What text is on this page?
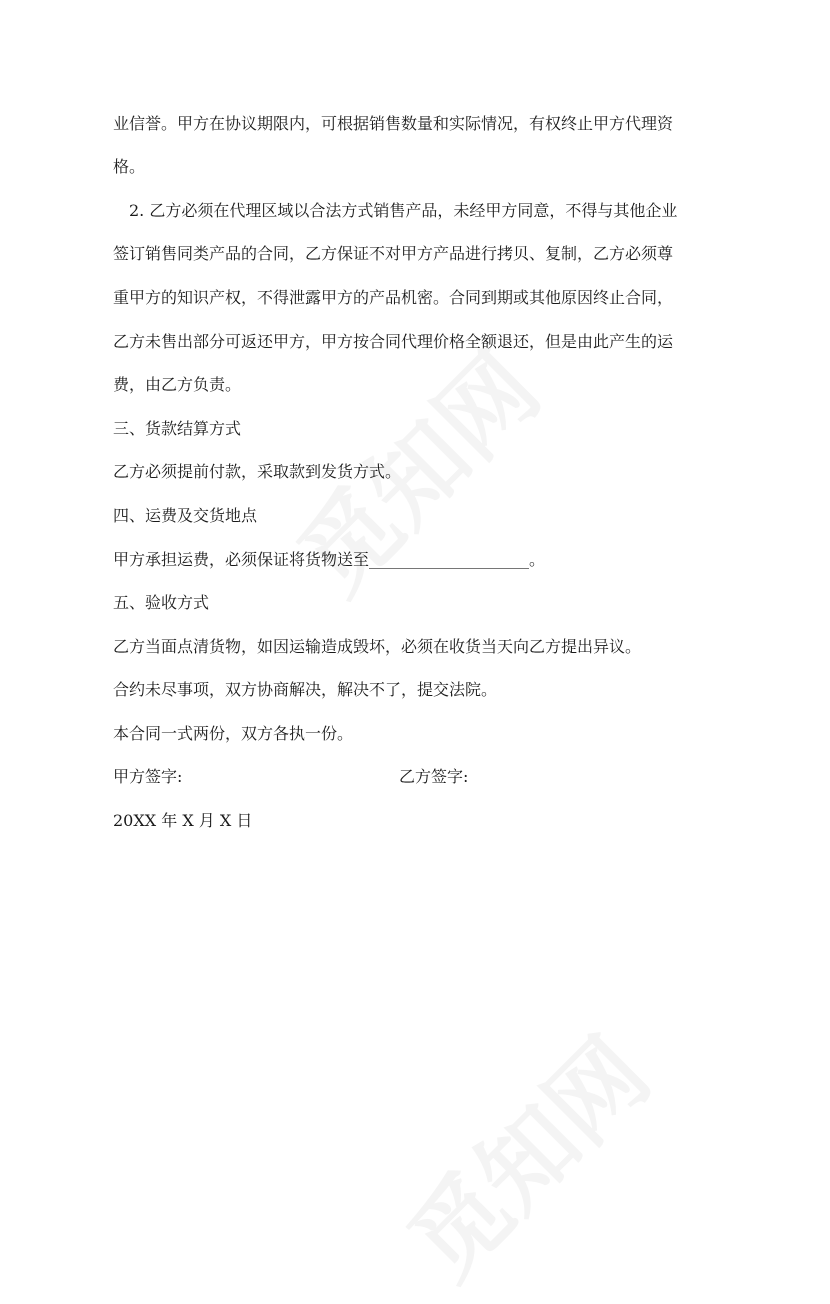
业信誉。甲方在协议期限内，可根据销售数量和实际情况，有权终止甲方代理资
格。
2. 乙方必须在代理区域以合法方式销售产品，未经甲方同意，不得与其他企业
签订销售同类产品的合同，乙方保证不对甲方产品进行拷贝、复制，乙方必须尊
重甲方的知识产权，不得泄露甲方的产品机密。合同到期或其他原因终止合同，
乙方未售出部分可返还甲方，甲方按合同代理价格全额退还，但是由此产生的运
费，由乙方负责。
三、货款结算方式
乙方必须提前付款，采取款到发货方式。
四、运费及交货地点
甲方承担运费，必须保证将货物送至____________________。
五、验收方式
乙方当面点清货物，如因运输造成毁坏，必须在收货当天向乙方提出异议。
合约未尽事项，双方协商解决，解决不了，提交法院。
本合同一式两份，双方各执一份。
甲方签字:	乙方签字:
20XX 年 X 月 X 日
